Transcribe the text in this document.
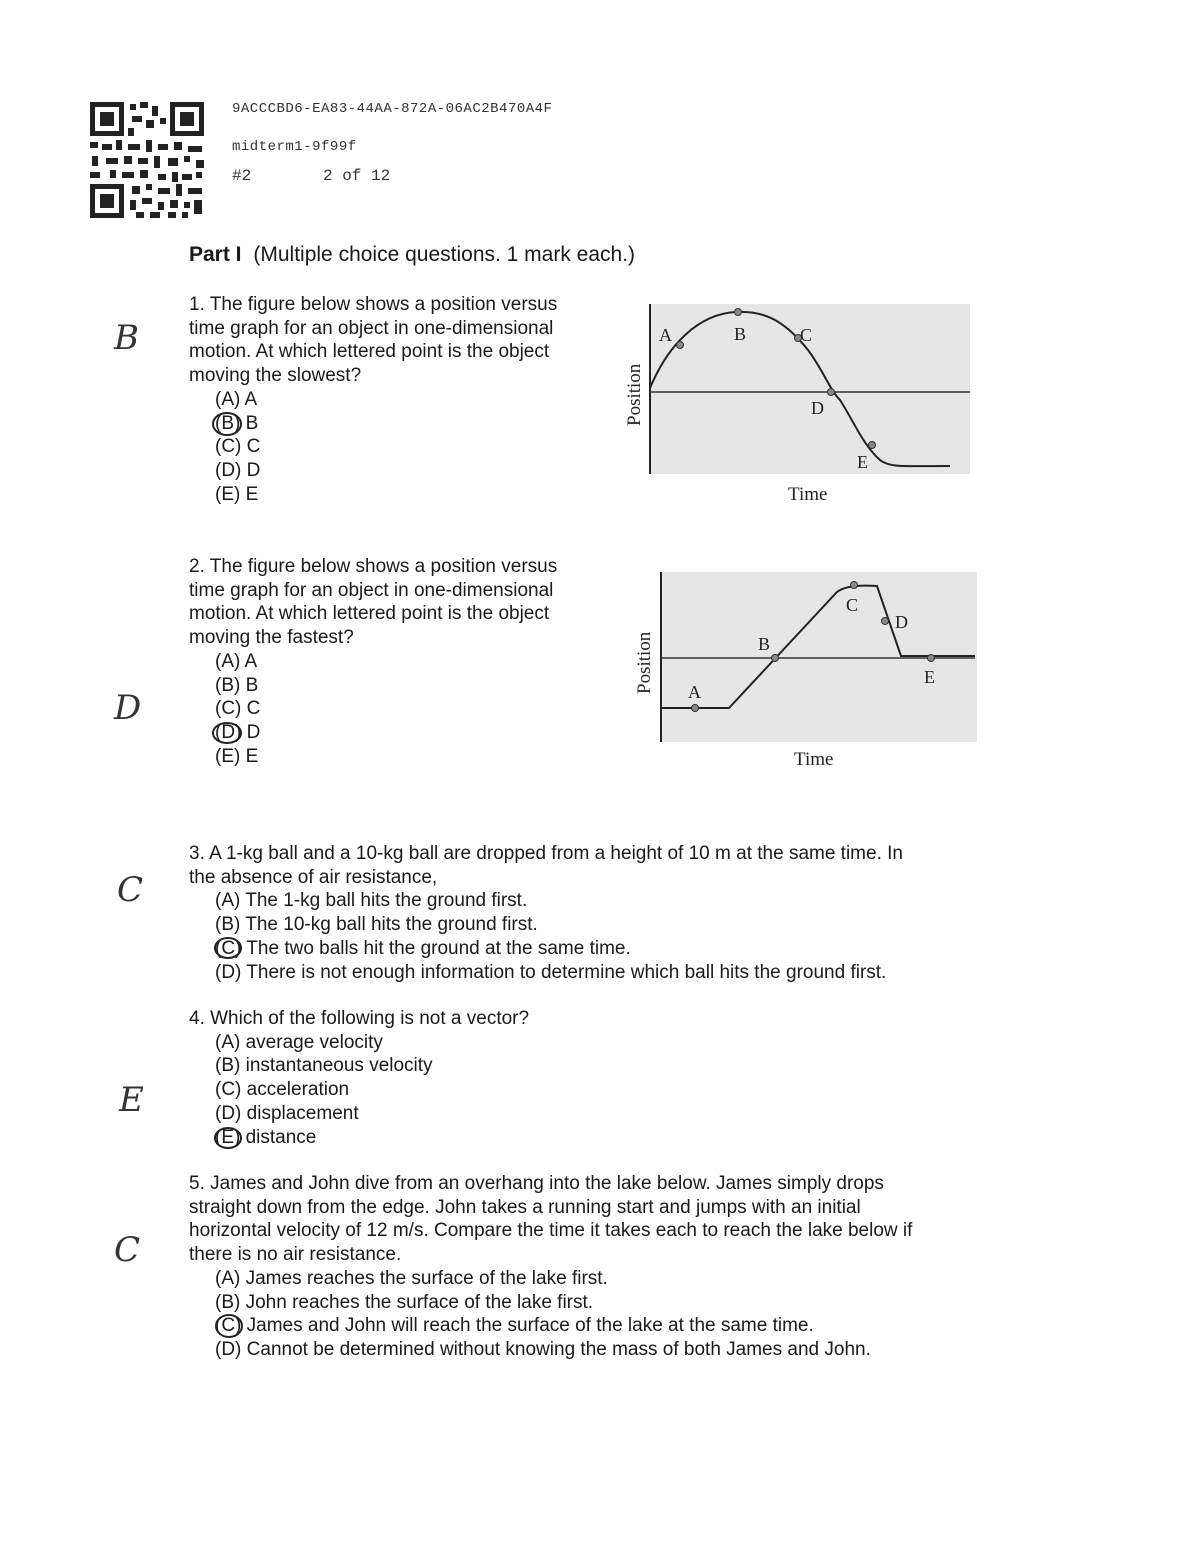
9ACCCBD6-EA83-44AA-872A-06AC2B470A4F
midterm1-9f99f
#2	2 of 12
Part I (Multiple choice questions. 1 mark each.)
B
D
C
E
C
1. The figure below shows a position versus
time graph for an object in one-dimensional
motion. At which lettered point is the object
moving the slowest?
(A) A
(B) B
(C) C
(D) D
(E) E
2. The figure below shows a position versus
time graph for an object in one-dimensional
motion. At which lettered point is the object
moving the fastest?
(A) A
(B) B
(C) C
(D) D
(E) E
A	B	C
D
E
Position
Time
A
B
C
D
E
Position
Time
3. A 1-kg ball and a 10-kg ball are dropped from a height of 10 m at the same time. In
the absence of air resistance,
(A) The 1-kg ball hits the ground first.
(B) The 10-kg ball hits the ground first.
(C) The two balls hit the ground at the same time.
(D) There is not enough information to determine which ball hits the ground first.
4. Which of the following is not a vector?
(A) average velocity
(B) instantaneous velocity
(C) acceleration
(D) displacement
(E) distance
5. James and John dive from an overhang into the lake below. James simply drops
straight down from the edge. John takes a running start and jumps with an initial
horizontal velocity of 12 m/s. Compare the time it takes each to reach the lake below if
there is no air resistance.
(A) James reaches the surface of the lake first.
(B) John reaches the surface of the lake first.
(C) James and John will reach the surface of the lake at the same time.
(D) Cannot be determined without knowing the mass of both James and John.
